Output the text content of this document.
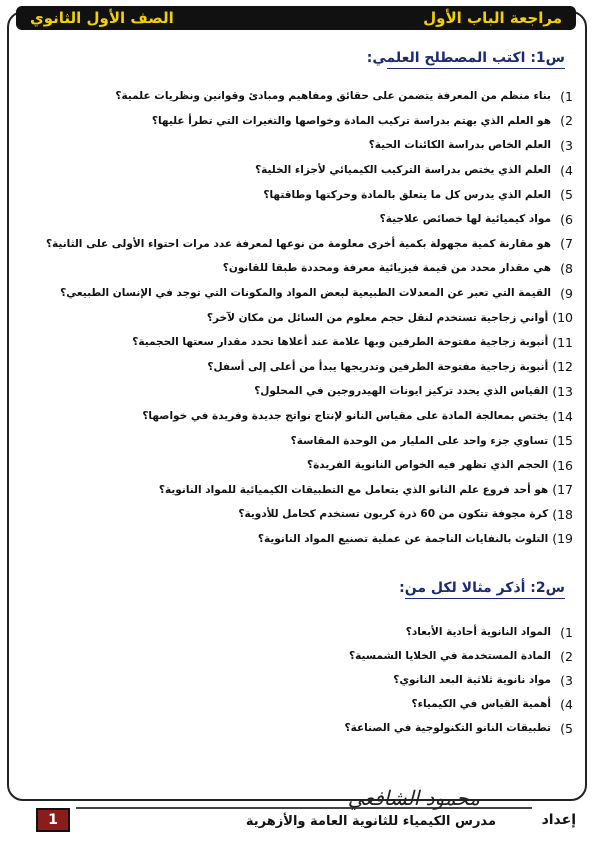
مراجعة الباب الأول
الصف الأول الثانوي
س1: اكتب المصطلح العلمي:
1)
بناء منظم من المعرفة يتضمن على حقائق ومفاهيم ومبادئ وقوانين ونظريات علمية؟
2)
هو العلم الذي يهتم بدراسة تركيب المادة وخواصها والتغيرات التي تطرأ عليها؟
3)
العلم الخاص بدراسة الكائنات الحية؟
4)
العلم الذي يختص بدراسة التركيب الكيميائي لأجزاء الخلية؟
5)
العلم الذي يدرس كل ما يتعلق بالمادة وحركتها وطاقتها؟
6)
مواد كيميائية لها خصائص علاجية؟
7)
هو مقارنة كمية مجهولة بكمية أخرى معلومة من نوعها لمعرفة عدد مرات احتواء الأولى على الثانية؟
8)
هي مقدار محدد من قيمة فيزيائية معرفة ومحددة طبقا للقانون؟
9)
القيمة التي تعبر عن المعدلات الطبيعية لبعض المواد والمكونات التي توجد في الإنسان الطبيعي؟
10)
أواني زجاجية تستخدم لنقل حجم معلوم من السائل من مكان لآخر؟
11)
أنبوبة زجاجية مفتوحة الطرفين وبها علامة عند أعلاها تحدد مقدار سعتها الحجمية؟
12)
أنبوبة زجاجية مفتوحة الطرفين وتدريجها يبدأ من أعلى إلى أسفل؟
13)
القياس الذي يحدد تركيز ايونات الهيدروجين في المحلول؟
14)
يختص بمعالجة المادة على مقياس النانو لإنتاج نواتج جديدة وفريدة في خواصها؟
15)
تساوي جزء واحد على المليار من الوحدة المقاسة؟
16)
الحجم الذي تظهر فيه الخواص النانوية الفريدة؟
17)
هو أحد فروع علم النانو الذي يتعامل مع التطبيقات الكيميائية للمواد النانوية؟
18)
كرة مجوفة تتكون من 60 ذرة كربون تستخدم كحامل للأدوية؟
19)
التلوث بالنفايات الناجمة عن عملية تصنيع المواد النانوية؟
س2: أذكر مثالا لكل من:
1)
المواد النانوية أحادية الأبعاد؟
2)
المادة المستخدمة في الخلايا الشمسية؟
3)
مواد نانوية ثلاثية البعد النانوي؟
4)
أهمية القياس في الكيمياء؟
5)
تطبيقات النانو التكنولوجية في الصناعة؟
إعداد
محمود الشافعي
مدرس الكيمياء للثانوية العامة والأزهرية
1
